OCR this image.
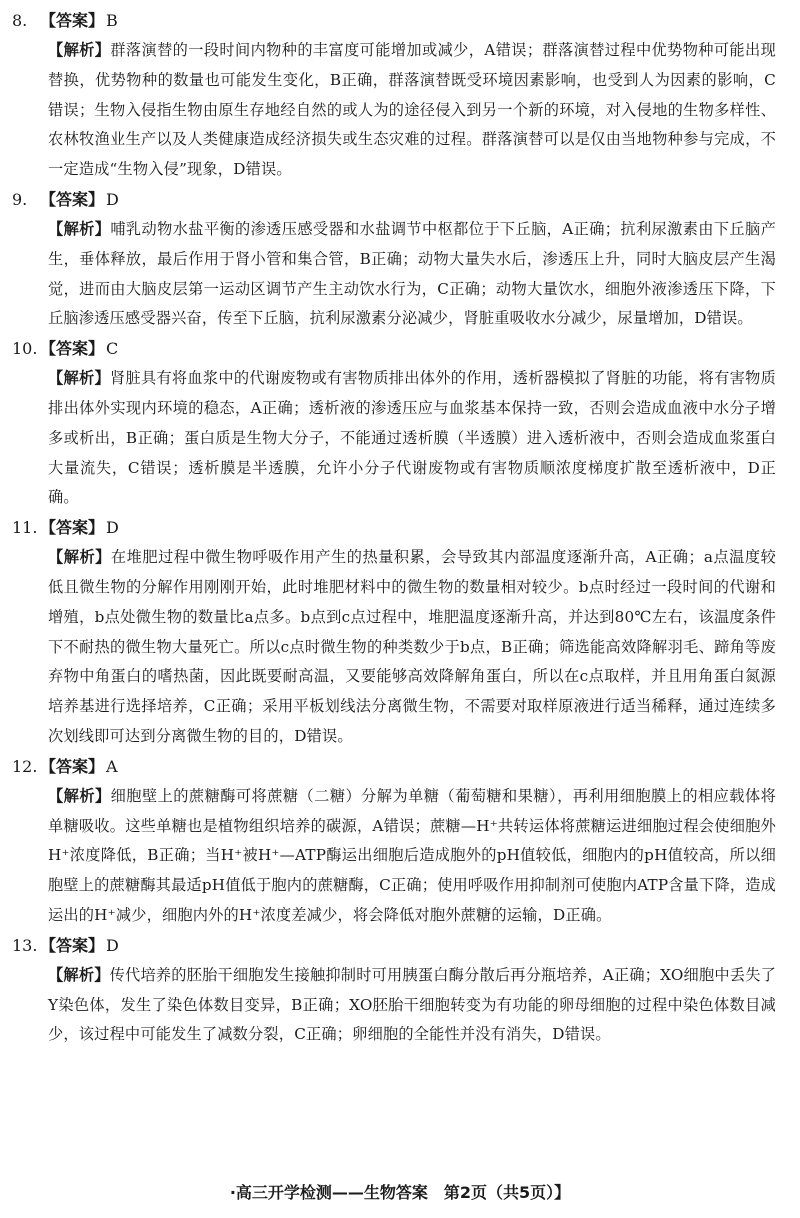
8. 【答案】 B

【解析】群落演替的一段时间内物种的丰富度可能增加或减少，A错误；群落演替过程中优势物种可能出现替换，优势物种的数量也可能发生变化，B正确，群落演替既受环境因素影响，也受到人为因素的影响，C错误；生物入侵指生物由原生存地经自然的或人为的途径侵入到另一个新的环境，对入侵地的生物多样性、农林牧渔业生产以及人类健康造成经济损失或生态灾难的过程。群落演替可以是仅由当地物种参与完成，不一定造成“生物入侵”现象，D错误。

9. 【答案】 D

【解析】哺乳动物水盐平衡的渗透压感受器和水盐调节中枢都位于下丘脑，A正确；抗利尿激素由下丘脑产生，垂体释放，最后作用于肾小管和集合管，B正确；动物大量失水后，渗透压上升，同时大脑皮层产生渴觉，进而由大脑皮层第一运动区调节产生主动饮水行为，C正确；动物大量饮水，细胞外液渗透压下降，下丘脑渗透压感受器兴奋，传至下丘脑，抗利尿激素分泌减少，肾脏重吸收水分减少，尿量增加，D错误。

10. 【答案】 C

【解析】肾脏具有将血浆中的代谢废物或有害物质排出体外的作用，透析器模拟了肾脏的功能，将有害物质排出体外实现内环境的稳态，A正确；透析液的渗透压应与血浆基本保持一致，否则会造成血液中水分子增多或析出，B正确；蛋白质是生物大分子，不能通过透析膜（半透膜）进入透析液中，否则会造成血浆蛋白大量流失，C错误；透析膜是半透膜，允许小分子代谢废物或有害物质顺浓度梯度扩散至透析液中，D正确。

11. 【答案】 D

【解析】在堆肥过程中微生物呼吸作用产生的热量积累，会导致其内部温度逐渐升高，A正确；a点温度较低且微生物的分解作用刚刚开始，此时堆肥材料中的微生物的数量相对较少。b点时经过一段时间的代谢和增殖，b点处微生物的数量比a点多。b点到c点过程中，堆肥温度逐渐升高，并达到80℃左右，该温度条件下不耐热的微生物大量死亡。所以c点时微生物的种类数少于b点，B正确；筛选能高效降解羽毛、蹄角等废弃物中角蛋白的嗜热菌，因此既要耐高温，又要能够高效降解角蛋白，所以在c点取样，并且用角蛋白氮源培养基进行选择培养，C正确；采用平板划线法分离微生物，不需要对取样原液进行适当稀释，通过连续多次划线即可达到分离微生物的目的，D错误。

12. 【答案】 A

【解析】细胞壁上的蔗糖酶可将蔗糖（二糖）分解为单糖（葡萄糖和果糖），再利用细胞膜上的相应载体将单糖吸收。这些单糖也是植物组织培养的碳源，A错误；蔗糖—H⁺共转运体将蔗糖运进细胞过程会使细胞外H⁺浓度降低，B正确；当H⁺被H⁺—ATP酶运出细胞后造成胞外的pH值较低，细胞内的pH值较高，所以细胞壁上的蔗糖酶其最适pH值低于胞内的蔗糖酶，C正确；使用呼吸作用抑制剂可使胞内ATP含量下降，造成运出的H⁺减少，细胞内外的H⁺浓度差减少，将会降低对胞外蔗糖的运输，D正确。

13. 【答案】 D

【解析】传代培养的胚胎干细胞发生接触抑制时可用胰蛋白酶分散后再分瓶培养，A正确；XO细胞中丢失了Y染色体，发生了染色体数目变异，B正确；XO胚胎干细胞转变为有功能的卵母细胞的过程中染色体数目减少，该过程中可能发生了减数分裂，C正确；卵细胞的全能性并没有消失，D错误。

·高三开学检测——生物答案　第2页（共5页）】
